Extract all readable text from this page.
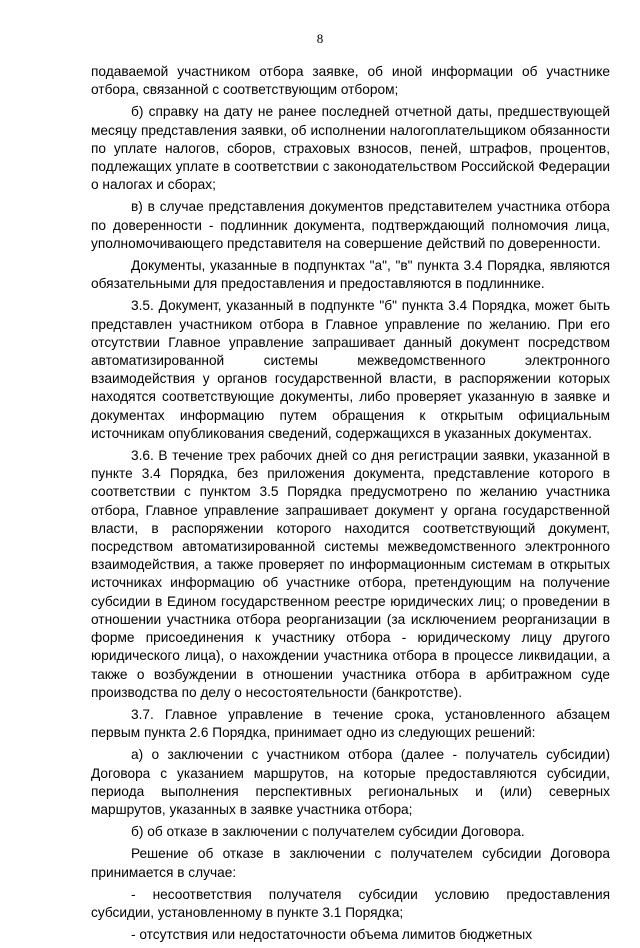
8

подаваемой участником отбора заявке, об иной информации об участнике отбора, связанной с соответствующим отбором;

б) справку на дату не ранее последней отчетной даты, предшествующей месяцу представления заявки, об исполнении налогоплательщиком обязанности по уплате налогов, сборов, страховых взносов, пеней, штрафов, процентов, подлежащих уплате в соответствии с законодательством Российской Федерации о налогах и сборах;

в) в случае представления документов представителем участника отбора по доверенности - подлинник документа, подтверждающий полномочия лица, уполномочивающего представителя на совершение действий по доверенности.

Документы, указанные в подпунктах "а", "в" пункта 3.4 Порядка, являются обязательными для предоставления и предоставляются в подлиннике.

3.5. Документ, указанный в подпункте "б" пункта 3.4 Порядка, может быть представлен участником отбора в Главное управление по желанию. При его отсутствии Главное управление запрашивает данный документ посредством автоматизированной системы межведомственного электронного взаимодействия у органов государственной власти, в распоряжении которых находятся соответствующие документы, либо проверяет указанную в заявке и документах информацию путем обращения к открытым официальным источникам опубликования сведений, содержащихся в указанных документах.

3.6. В течение трех рабочих дней со дня регистрации заявки, указанной в пункте 3.4 Порядка, без приложения документа, представление которого в соответствии с пунктом 3.5 Порядка предусмотрено по желанию участника отбора, Главное управление запрашивает документ у органа государственной власти, в распоряжении которого находится соответствующий документ, посредством автоматизированной системы межведомственного электронного взаимодействия, а также проверяет по информационным системам в открытых источниках информацию об участнике отбора, претендующим на получение субсидии в Едином государственном реестре юридических лиц; о проведении в отношении участника отбора реорганизации (за исключением реорганизации в форме присоединения к участнику отбора - юридическому лицу другого юридического лица), о нахождении участника отбора в процессе ликвидации, а также о возбуждении в отношении участника отбора в арбитражном суде производства по делу о несостоятельности (банкротстве).

3.7. Главное управление в течение срока, установленного абзацем первым пункта 2.6 Порядка, принимает одно из следующих решений:

а) о заключении с участником отбора (далее - получатель субсидии) Договора с указанием маршрутов, на которые предоставляются субсидии, периода выполнения перспективных региональных и (или) северных маршрутов, указанных в заявке участника отбора;

б) об отказе в заключении с получателем субсидии Договора.

Решение об отказе в заключении с получателем субсидии Договора принимается в случае:

- несоответствия получателя субсидии условию предоставления субсидии, установленному в пункте 3.1 Порядка;

- отсутствия или недостаточности объема лимитов бюджетных
